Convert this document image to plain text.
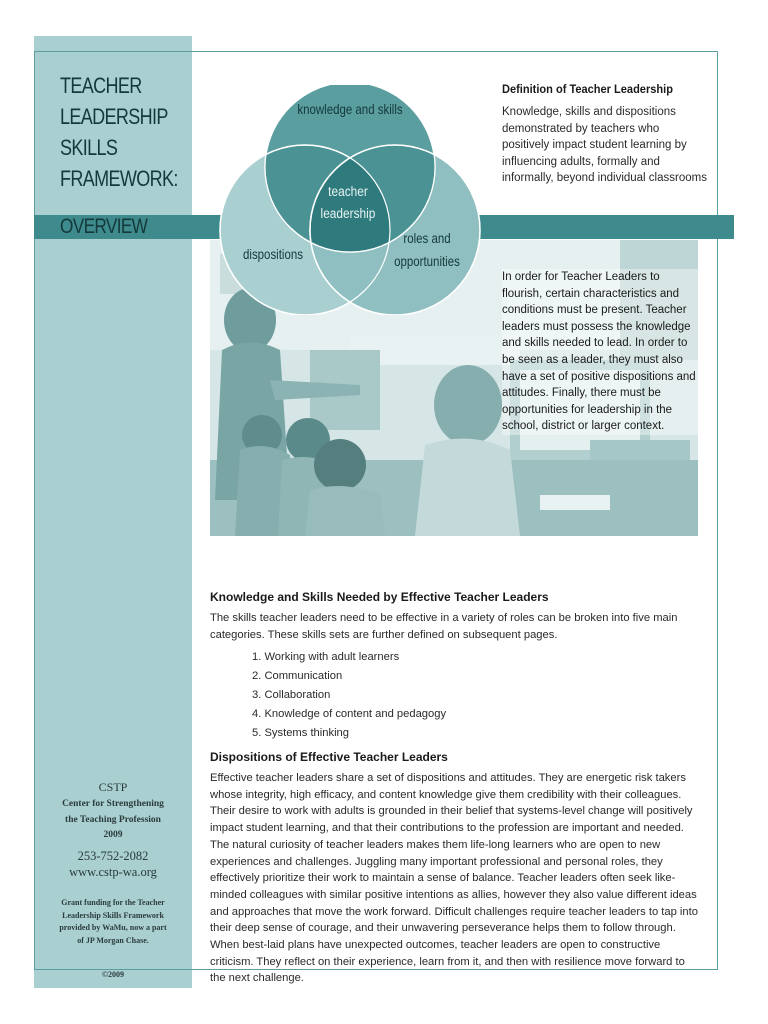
knowledge and skills
teacher
leadership
dispositions
roles and
opportunities
TEACHER
LEADERSHIP
SKILLS
FRAMEWORK:
OVERVIEW
Definition of Teacher Leadership
Knowledge, skills and dispositions demonstrated by teachers who positively impact student learning by influencing adults, formally and informally, beyond individual classrooms
In order for Teacher Leaders to flourish, certain characteristics and conditions must be present. Teacher leaders must possess the knowledge and skills needed to lead. In order to be seen as a leader, they must also have a set of positive dispositions and attitudes. Finally, there must be opportunities for leadership in the school, district or larger context.
Knowledge and Skills Needed by Effective Teacher Leaders
The skills teacher leaders need to be effective in a variety of roles can be broken into five main categories. These skills sets are further defined on subsequent pages.
1. Working with adult learners
2. Communication
3. Collaboration
4. Knowledge of content and pedagogy
5. Systems thinking
Dispositions of Effective Teacher Leaders
Effective teacher leaders share a set of dispositions and attitudes. They are energetic risk takers whose integrity, high efficacy, and content knowledge give them credibility with their colleagues. Their desire to work with adults is grounded in their belief that systems-level change will positively impact student learning, and that their contributions to the profession are important and needed. The natural curiosity of teacher leaders makes them life-long learners who are open to new experiences and challenges. Juggling many important professional and personal roles, they effectively prioritize their work to maintain a sense of balance. Teacher leaders often seek like-minded colleagues with similar positive intentions as allies, however they also value different ideas and approaches that move the work forward. Difficult challenges require teacher leaders to tap into their deep sense of courage, and their unwavering perseverance helps them to follow through. When best-laid plans have unexpected outcomes, teacher leaders are open to constructive criticism. They reflect on their experience, learn from it, and then with resilience move forward to the next challenge.
CSTP
Center for Strengthening
the Teaching Profession
2009
253-752-2082
www.cstp-wa.org
Grant funding for the Teacher
Leadership Skills Framework
provided by WaMu, now a part
of JP Morgan Chase.
©2009
